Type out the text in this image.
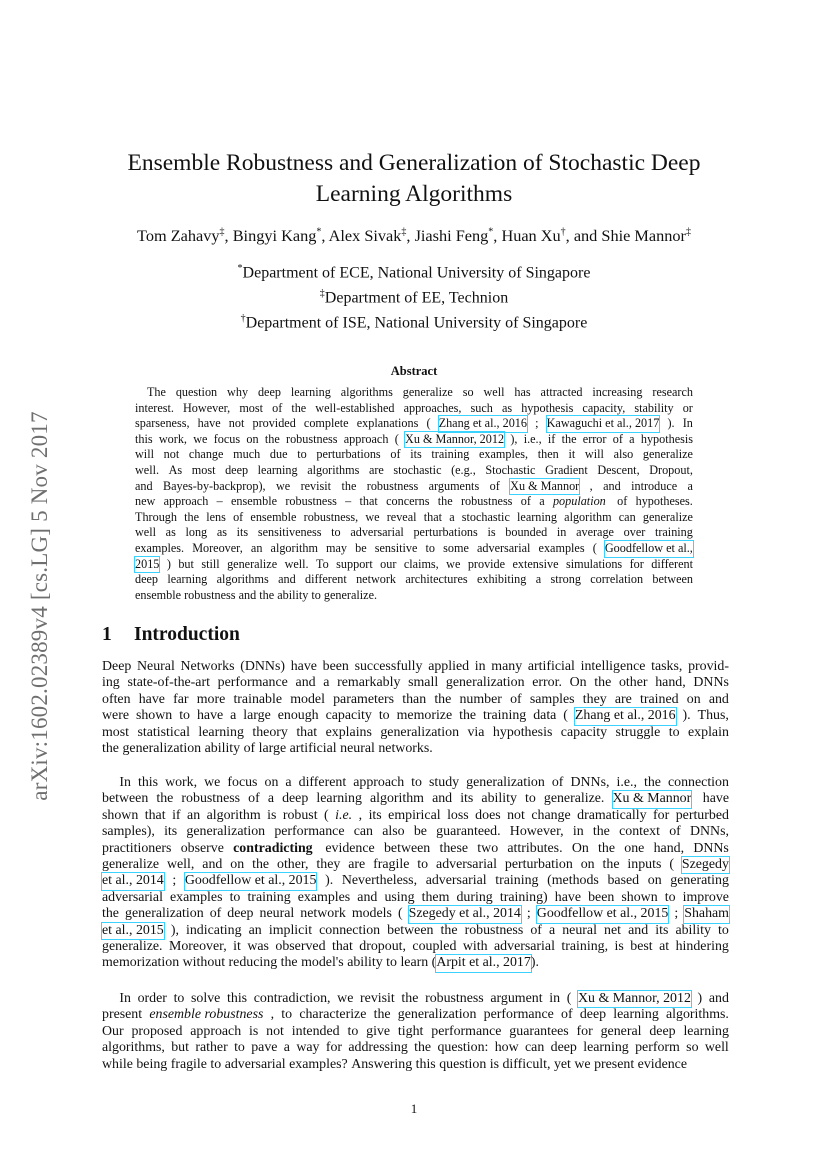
arXiv:1602.02389v4 [cs.LG] 5 Nov 2017
Ensemble Robustness and Generalization of Stochastic Deep
Learning Algorithms
Tom Zahavy‡, Bingyi Kang*, Alex Sivak‡, Jiashi Feng*, Huan Xu†, and Shie Mannor‡
*Department of ECE, National University of Singapore
‡Department of EE, Technion
†Department of ISE, National University of Singapore
Abstract
The question why deep learning algorithms generalize so well has attracted increasing research
interest. However, most of the well-established approaches, such as hypothesis capacity, stability or
sparseness, have not provided complete explanations ( Zhang et al., 2016 ; Kawaguchi et al., 2017 ). In
this work, we focus on the robustness approach ( Xu & Mannor, 2012 ), i.e., if the error of a hypothesis
will not change much due to perturbations of its training examples, then it will also generalize
well. As most deep learning algorithms are stochastic (e.g., Stochastic Gradient Descent, Dropout,
and Bayes-by-backprop), we revisit the robustness arguments of Xu & Mannor , and introduce a
new approach – ensemble robustness – that concerns the robustness of a population of hypotheses.
Through the lens of ensemble robustness, we reveal that a stochastic learning algorithm can generalize
well as long as its sensitiveness to adversarial perturbations is bounded in average over training
examples. Moreover, an algorithm may be sensitive to some adversarial examples ( Goodfellow et al.,
2015 ) but still generalize well. To support our claims, we provide extensive simulations for different
deep learning algorithms and different network architectures exhibiting a strong correlation between
ensemble robustness and the ability to generalize.
1 Introduction
Deep Neural Networks (DNNs) have been successfully applied in many artificial intelligence tasks, provid-
ing state-of-the-art performance and a remarkably small generalization error. On the other hand, DNNs
often have far more trainable model parameters than the number of samples they are trained on and
were shown to have a large enough capacity to memorize the training data ( Zhang et al., 2016 ). Thus,
most statistical learning theory that explains generalization via hypothesis capacity struggle to explain
the generalization ability of large artificial neural networks.
In this work, we focus on a different approach to study generalization of DNNs, i.e., the connection
between the robustness of a deep learning algorithm and its ability to generalize. Xu & Mannor have
shown that if an algorithm is robust ( i.e. , its empirical loss does not change dramatically for perturbed
samples), its generalization performance can also be guaranteed. However, in the context of DNNs,
practitioners observe contradicting evidence between these two attributes. On the one hand, DNNs
generalize well, and on the other, they are fragile to adversarial perturbation on the inputs ( Szegedy
et al., 2014 ; Goodfellow et al., 2015 ). Nevertheless, adversarial training (methods based on generating
adversarial examples to training examples and using them during training) have been shown to improve
the generalization of deep neural network models ( Szegedy et al., 2014 ; Goodfellow et al., 2015 ; Shaham
et al., 2015 ), indicating an implicit connection between the robustness of a neural net and its ability to
generalize. Moreover, it was observed that dropout, coupled with adversarial training, is best at hindering
memorization without reducing the model's ability to learn ( Arpit et al., 2017 ).
In order to solve this contradiction, we revisit the robustness argument in ( Xu & Mannor, 2012 ) and
present ensemble robustness , to characterize the generalization performance of deep learning algorithms.
Our proposed approach is not intended to give tight performance guarantees for general deep learning
algorithms, but rather to pave a way for addressing the question: how can deep learning perform so well
while being fragile to adversarial examples? Answering this question is difficult, yet we present evidence
1
